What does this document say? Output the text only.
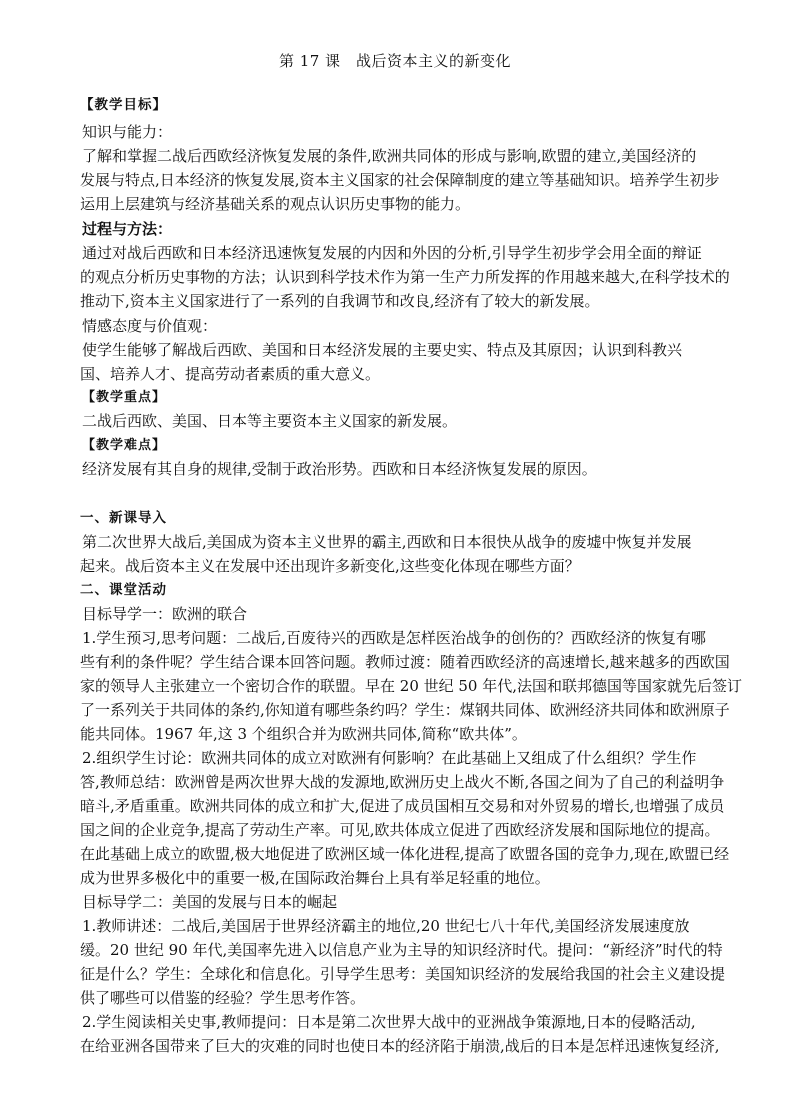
第 17 课　战后资本主义的新变化
【教学目标】
知识与能力：
了解和掌握二战后西欧经济恢复发展的条件,欧洲共同体的形成与影响,欧盟的建立,美国经济的
发展与特点,日本经济的恢复发展,资本主义国家的社会保障制度的建立等基础知识。培养学生初步
运用上层建筑与经济基础关系的观点认识历史事物的能力。
过程与方法：
通过对战后西欧和日本经济迅速恢复发展的内因和外因的分析,引导学生初步学会用全面的辩证
的观点分析历史事物的方法；认识到科学技术作为第一生产力所发挥的作用越来越大,在科学技术的
推动下,资本主义国家进行了一系列的自我调节和改良,经济有了较大的新发展。
情感态度与价值观：
使学生能够了解战后西欧、美国和日本经济发展的主要史实、特点及其原因；认识到科教兴
国、培养人才、提高劳动者素质的重大意义。
【教学重点】
二战后西欧、美国、日本等主要资本主义国家的新发展。
【教学难点】
经济发展有其自身的规律,受制于政治形势。西欧和日本经济恢复发展的原因。
一、新课导入
第二次世界大战后,美国成为资本主义世界的霸主,西欧和日本很快从战争的废墟中恢复并发展
起来。战后资本主义在发展中还出现许多新变化,这些变化体现在哪些方面？
二、课堂活动
目标导学一：欧洲的联合
1.学生预习,思考问题：二战后,百废待兴的西欧是怎样医治战争的创伤的？西欧经济的恢复有哪
些有利的条件呢？学生结合课本回答问题。教师过渡：随着西欧经济的高速增长,越来越多的西欧国
家的领导人主张建立一个密切合作的联盟。早在 20 世纪 50 年代,法国和联邦德国等国家就先后签订
了一系列关于共同体的条约,你知道有哪些条约吗？学生：煤钢共同体、欧洲经济共同体和欧洲原子
能共同体。1967 年,这 3 个组织合并为欧洲共同体,简称“欧共体”。
2.组织学生讨论：欧洲共同体的成立对欧洲有何影响？在此基础上又组成了什么组织？学生作
答,教师总结：欧洲曾是两次世界大战的发源地,欧洲历史上战火不断,各国之间为了自己的利益明争
暗斗,矛盾重重。欧洲共同体的成立和扩大,促进了成员国相互交易和对外贸易的增长,也增强了成员
国之间的企业竞争,提高了劳动生产率。可见,欧共体成立促进了西欧经济发展和国际地位的提高。
在此基础上成立的欧盟,极大地促进了欧洲区域一体化进程,提高了欧盟各国的竞争力,现在,欧盟已经
成为世界多极化中的重要一极,在国际政治舞台上具有举足轻重的地位。
目标导学二：美国的发展与日本的崛起
1.教师讲述：二战后,美国居于世界经济霸主的地位,20 世纪七八十年代,美国经济发展速度放
缓。20 世纪 90 年代,美国率先进入以信息产业为主导的知识经济时代。提问：“新经济”时代的特
征是什么？学生：全球化和信息化。引导学生思考：美国知识经济的发展给我国的社会主义建设提
供了哪些可以借鉴的经验？学生思考作答。
2.学生阅读相关史事,教师提问：日本是第二次世界大战中的亚洲战争策源地,日本的侵略活动,
在给亚洲各国带来了巨大的灾难的同时也使日本的经济陷于崩溃,战后的日本是怎样迅速恢复经济,
